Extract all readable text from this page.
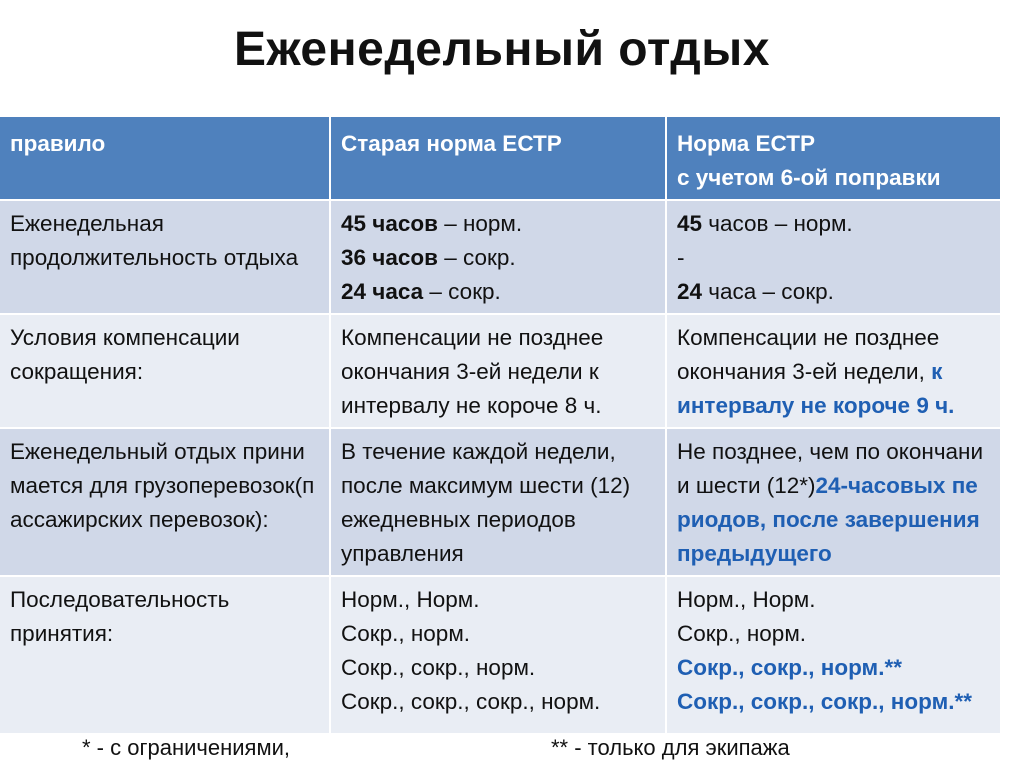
Еженедельный отдых
правило	Старая норма ЕСТР	Норма ЕСТР
с учетом 6-ой поправки

Еженедельная продолжительность отдыха	45 часов – норм.
36 часов – сокр.
24 часа – сокр.	45 часов – норм.
-
24 часа – сокр.

Условия компенсации сокращения:	Компенсации не позднее окончания 3-ей недели к интервалу не короче 8 ч.	Компенсации не позднее окончания 3-ей недели, к интервалу не короче 9 ч.

Еженедельный отдых принимается для грузоперевозок(пассажирских перевозок):	В течение каждой недели, после максимум шести (12) ежедневных периодов управления	Не позднее, чем по окончании шести (12*)24-часовых периодов, после завершения предыдущего

Последовательность принятия:	Норм., Норм.
Сокр., норм.
Сокр., сокр., норм.
Сокр., сокр., сокр., норм.	Норм., Норм.
Сокр., норм.
Сокр., сокр., норм.**
Сокр., сокр., сокр., норм.**
* - с ограничениями,	** - только для экипажа
